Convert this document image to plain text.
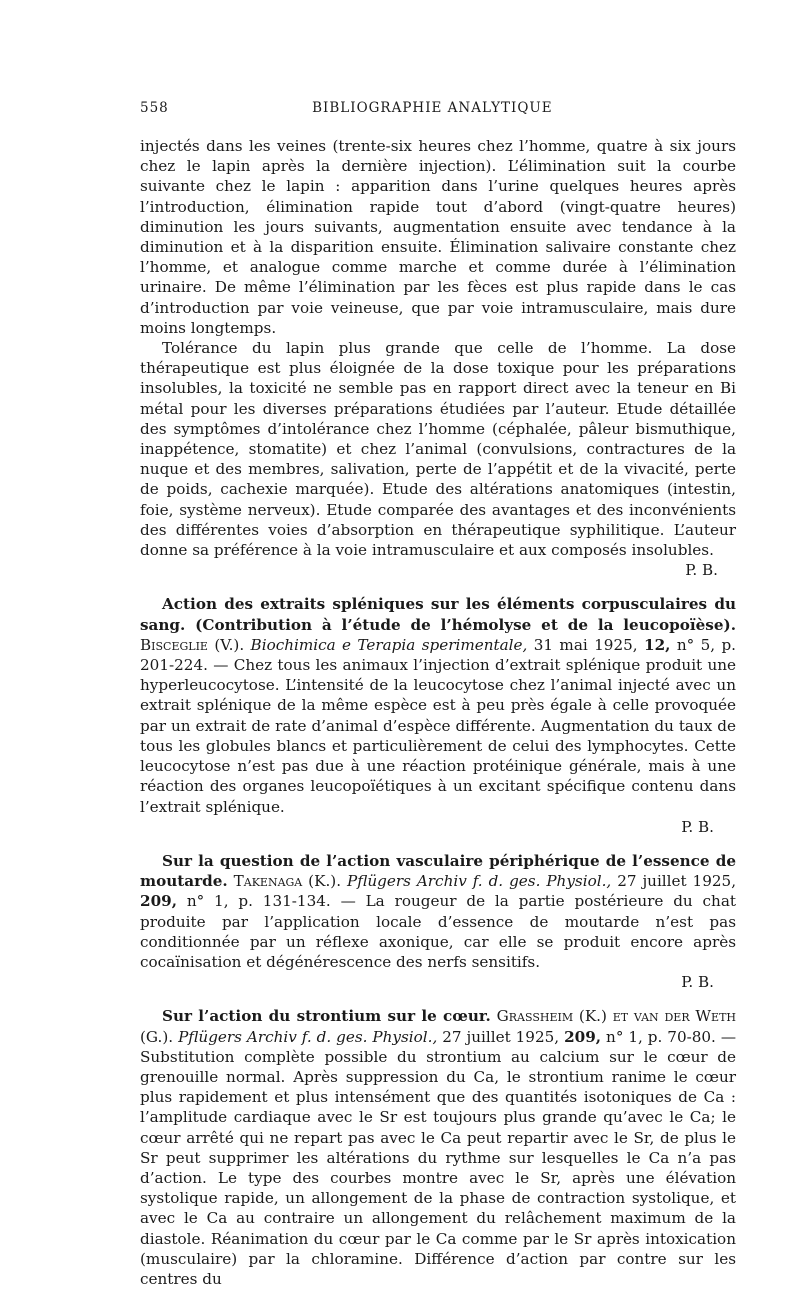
558	BIBLIOGRAPHIE ANALYTIQUE

injectés dans les veines (trente-six heures chez l’homme, quatre à six jours chez le lapin après la dernière injection). L’élimination suit la courbe suivante chez le lapin : apparition dans l’urine quelques heures après l’introduction, élimination rapide tout d’abord (vingt-quatre heures) diminution les jours suivants, augmentation ensuite avec tendance à la diminution et à la disparition ensuite. Élimination salivaire constante chez l’homme, et analogue comme marche et comme durée à l’élimination urinaire. De même l’élimination par les fèces est plus rapide dans le cas d’introduction par voie veineuse, que par voie intramusculaire, mais dure moins longtemps.

Tolérance du lapin plus grande que celle de l’homme. La dose thérapeutique est plus éloignée de la dose toxique pour les préparations insolubles, la toxicité ne semble pas en rapport direct avec la teneur en Bi métal pour les diverses préparations étudiées par l’auteur. Etude détaillée des symptômes d’intolérance chez l’homme (céphalée, pâleur bismuthique, inappétence, stomatite) et chez l’animal (convulsions, contractures de la nuque et des membres, salivation, perte de l’appétit et de la vivacité, perte de poids, cachexie marquée). Etude des altérations anatomiques (intestin, foie, système nerveux). Etude comparée des avantages et des inconvénients des différentes voies d’absorption en thérapeutique syphilitique. L’auteur donne sa préférence à la voie intramusculaire et aux composés insolubles.
P. B.

Action des extraits spléniques sur les éléments corpusculaires du sang. (Contribution à l’étude de l’hémolyse et de la leucopoïèse). Bisceglie (V.). Biochimica e Terapia sperimentale, 31 mai 1925, 12, n° 5, p. 201-224. — Chez tous les animaux l’injection d’extrait splénique produit une hyperleucocytose. L’intensité de la leucocytose chez l’animal injecté avec un extrait splénique de la même espèce est à peu près égale à celle provoquée par un extrait de rate d’animal d’espèce différente. Augmentation du taux de tous les globules blancs et particulièrement de celui des lymphocytes. Cette leucocytose n’est pas due à une réaction protéinique générale, mais à une réaction des organes leucopoïétiques à un excitant spécifique contenu dans l’extrait splénique.

P. B.

Sur la question de l’action vasculaire périphérique de l’essence de moutarde. Takenaga (K.). Pflügers Archiv f. d. ges. Physiol., 27 juillet 1925, 209, n° 1, p. 131-134. — La rougeur de la partie postérieure du chat produite par l’application locale d’essence de moutarde n’est pas conditionnée par un réflexe axonique, car elle se produit encore après cocaïnisation et dégénérescence des nerfs sensitifs.

P. B.

Sur l’action du strontium sur le cœur. Grassheim (K.) et van der Weth (G.). Pflügers Archiv f. d. ges. Physiol., 27 juillet 1925, 209, n° 1, p. 70-80. — Substitution complète possible du strontium au calcium sur le cœur de grenouille normal. Après suppression du Ca, le strontium ranime le cœur plus rapidement et plus intensément que des quantités isotoniques de Ca : l’amplitude cardiaque avec le Sr est toujours plus grande qu’avec le Ca; le cœur arrêté qui ne repart pas avec le Ca peut repartir avec le Sr, de plus le Sr peut supprimer les altérations du rythme sur lesquelles le Ca n’a pas d’action. Le type des courbes montre avec le Sr, après une élévation systolique rapide, un allongement de la phase de contraction systolique, et avec le Ca au contraire un allongement du relâchement maximum de la diastole. Réanimation du cœur par le Ca comme par le Sr après intoxication (musculaire) par la chloramine. Différence d’action par contre sur les centres du
